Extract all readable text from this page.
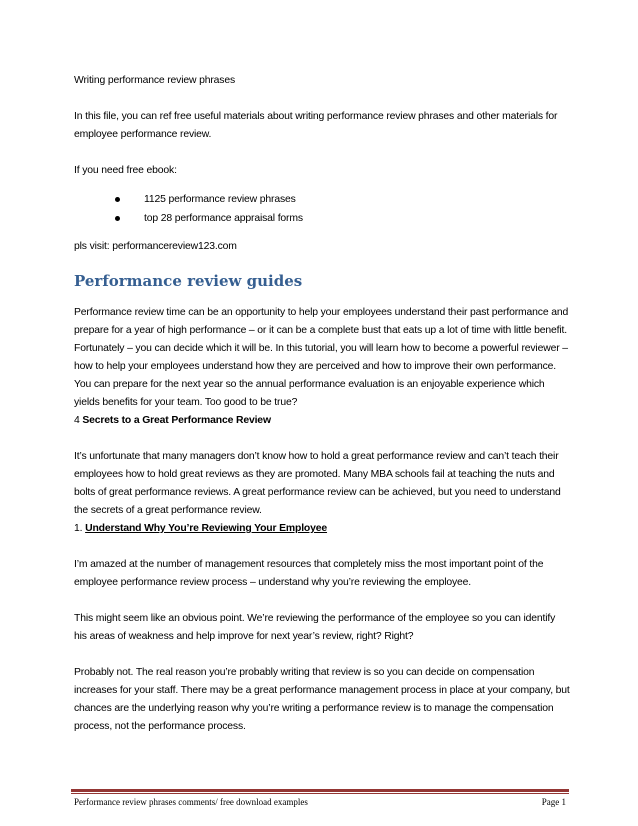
Writing performance review phrases

In this file, you can ref free useful materials about writing performance review phrases and other materials for employee performance review.

If you need free ebook:

1125 performance review phrases
top 28 performance appraisal forms

pls visit: performancereview123.com

Performance review guides

Performance review time can be an opportunity to help your employees understand their past performance and prepare for a year of high performance – or it can be a complete bust that eats up a lot of time with little benefit. Fortunately – you can decide which it will be. In this tutorial, you will learn how to become a powerful reviewer – how to help your employees understand how they are perceived and how to improve their own performance. You can prepare for the next year so the annual performance evaluation is an enjoyable experience which yields benefits for your team. Too good to be true?

4 Secrets to a Great Performance Review

It’s unfortunate that many managers don’t know how to hold a great performance review and can’t teach their employees how to hold great reviews as they are promoted. Many MBA schools fail at teaching the nuts and bolts of great performance reviews. A great performance review can be achieved, but you need to understand the secrets of a great performance review.

1. Understand Why You’re Reviewing Your Employee

I’m amazed at the number of management resources that completely miss the most important point of the employee performance review process – understand why you’re reviewing the employee.

This might seem like an obvious point. We’re reviewing the performance of the employee so you can identify his areas of weakness and help improve for next year’s review, right? Right?

Probably not. The real reason you’re probably writing that review is so you can decide on compensation increases for your staff. There may be a great performance management process in place at your company, but chances are the underlying reason why you’re writing a performance review is to manage the compensation process, not the performance process.

Performance review phrases comments/ free download examples	Page 1
